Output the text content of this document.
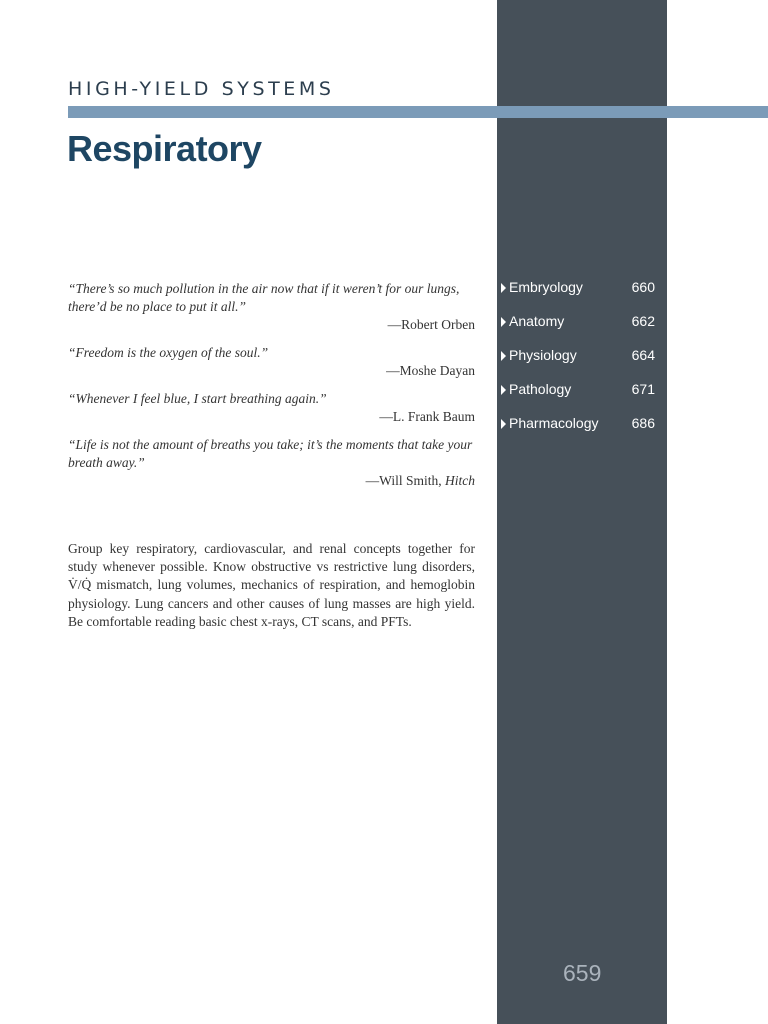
HIGH-YIELD SYSTEMS
Respiratory
“There’s so much pollution in the air now that if it weren’t for our lungs, there’d be no place to put it all.”
—Robert Orben
“Freedom is the oxygen of the soul.”
—Moshe Dayan
“Whenever I feel blue, I start breathing again.”
—L. Frank Baum
“Life is not the amount of breaths you take; it’s the moments that take your breath away.”
—Will Smith, Hitch
Group key respiratory, cardiovascular, and renal concepts together for study whenever possible. Know obstructive vs restrictive lung disorders, V̇/Q̇ mismatch, lung volumes, mechanics of respiration, and hemoglobin physiology. Lung cancers and other causes of lung masses are high yield. Be comfortable reading basic chest x-rays, CT scans, and PFTs.
Embryology	660
Anatomy	662
Physiology	664
Pathology	671
Pharmacology 686
659
